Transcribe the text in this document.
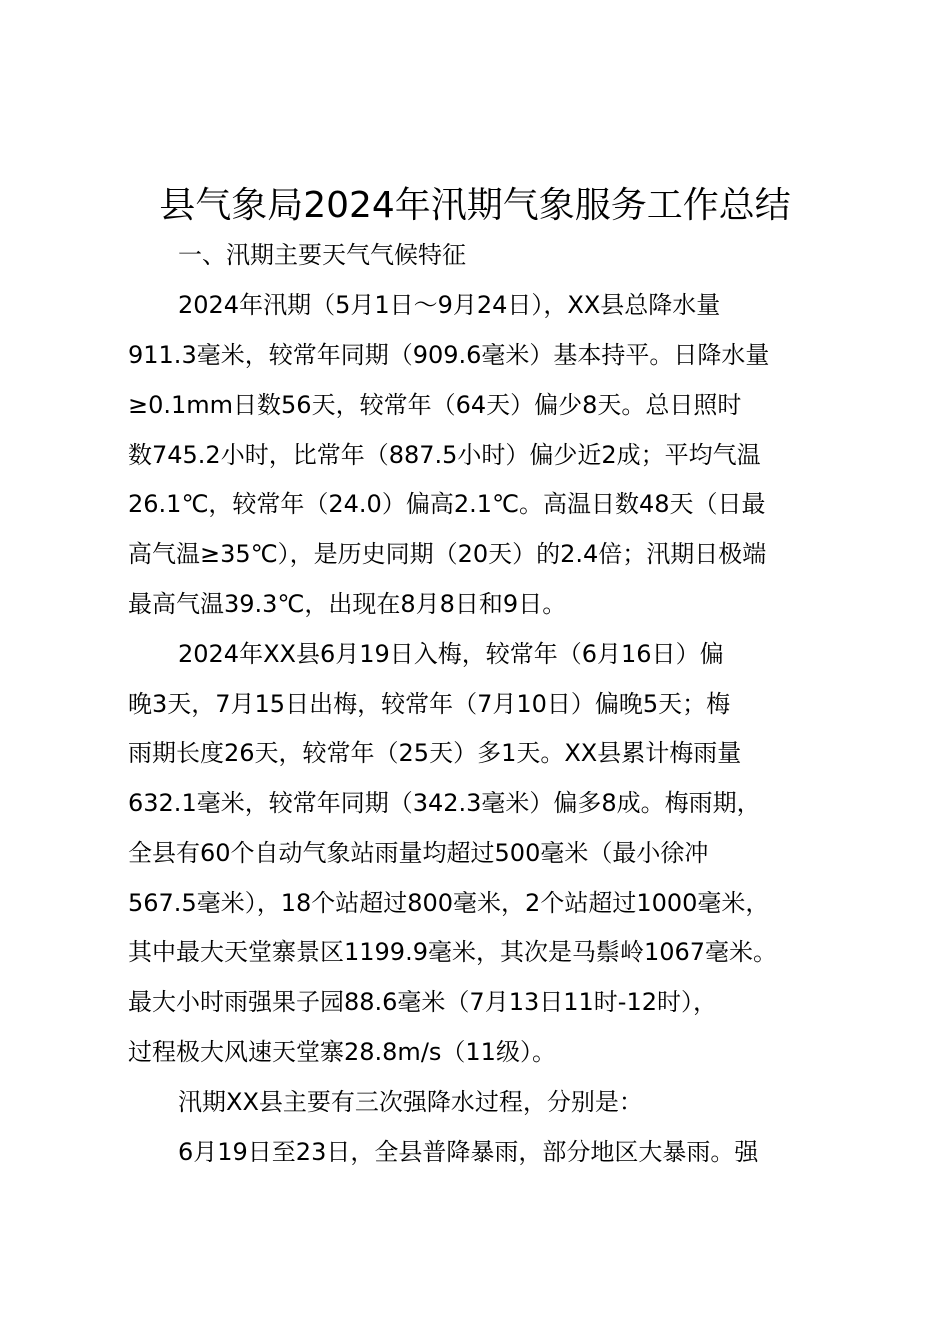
县气象局2024年汛期气象服务工作总结

一、汛期主要天气气候特征

2024年汛期（5月1日～9月24日），XX县总降水量

911.3毫米，较常年同期（909.6毫米）基本持平。日降水量

≥0.1mm日数56天，较常年（64天）偏少8天。总日照时

数745.2小时，比常年（887.5小时）偏少近2成；平均气温

26.1℃，较常年（24.0）偏高2.1℃。高温日数48天（日最

高气温≥35℃），是历史同期（20天）的2.4倍；汛期日极端

最高气温39.3℃，出现在8月8日和9日。

2024年XX县6月19日入梅，较常年（6月16日）偏

晚3天，7月15日出梅，较常年（7月10日）偏晚5天；梅

雨期长度26天，较常年（25天）多1天。XX县累计梅雨量

632.1毫米，较常年同期（342.3毫米）偏多8成。梅雨期，

全县有60个自动气象站雨量均超过500毫米（最小徐冲

567.5毫米），18个站超过800毫米，2个站超过1000毫米，

其中最大天堂寨景区1199.9毫米，其次是马鬃岭1067毫米。

最大小时雨强果子园88.6毫米（7月13日11时-12时），

过程极大风速天堂寨28.8m/s（11级）。

汛期XX县主要有三次强降水过程，分别是：

6月19日至23日，全县普降暴雨，部分地区大暴雨。强
